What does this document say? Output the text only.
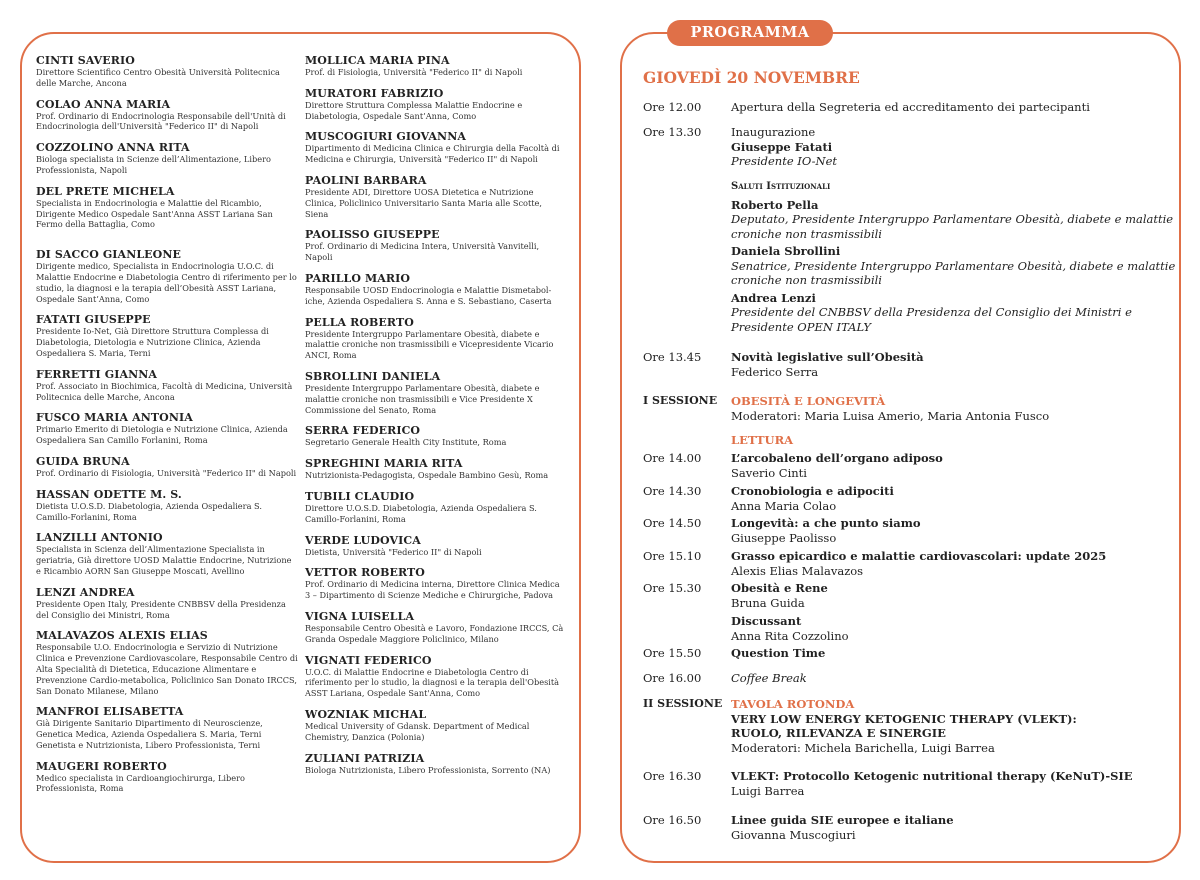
CINTI SAVERIO
Direttore Scientifico Centro Obesità Università Politecnica delle Marche, Ancona
COLAO ANNA MARIA
Prof. Ordinario di Endocrinologia Responsabile dell'Unità di Endocrinologia dell'Università "Federico II" di Napoli
COZZOLINO ANNA RITA
Biologa specialista in Scienze dell’Alimentazione, Libero Professionista, Napoli
DEL PRETE MICHELA
Specialista in Endocrinologia e Malattie del Ricambio, Dirigente Medico Ospedale Sant'Anna ASST Lariana San Fermo della Battaglia, Como
DI SACCO GIANLEONE
Dirigente medico, Specialista in Endocrinologia U.O.C. di Malattie Endocrine e Diabetologia Centro di riferimento per lo studio, la diagnosi e la terapia dell’Obesità ASST Lariana, Ospedale Sant’Anna, Como
FATATI GIUSEPPE
Presidente Io-Net, Già Direttore Struttura Complessa di Diabetologia, Dietologia e Nutrizione Clinica, Azienda Ospedaliera S. Maria, Terni
FERRETTI GIANNA
Prof. Associato in Biochimica, Facoltà di Medicina, Università Politecnica delle Marche, Ancona
FUSCO MARIA ANTONIA
Primario Emerito di Dietologia e Nutrizione Clinica, Azienda Ospedaliera San Camillo Forlanini, Roma
GUIDA BRUNA
Prof. Ordinario di Fisiologia, Università "Federico II" di Napoli
HASSAN ODETTE M. S.
Dietista U.O.S.D. Diabetologia, Azienda Ospedaliera S. Camillo-Forlanini, Roma
LANZILLI ANTONIO
Specialista in Scienza dell’Alimentazione Specialista in geriatria, Già direttore UOSD Malattie Endocrine, Nutrizione e Ricambio AORN San Giuseppe Moscati, Avellino
LENZI ANDREA
Presidente Open Italy, Presidente CNBBSV della Presidenza del Consiglio dei Ministri, Roma
MALAVAZOS ALEXIS ELIAS
Responsabile U.O. Endocrinologia e Servizio di Nutrizione Clinica e Prevenzione Cardiovascolare, Responsabile Centro di Alta Specialità di Dietetica, Educazione Alimentare e Prevenzione Cardio-metabolica, Policlinico San Donato IRCCS, San Donato Milanese, Milano
MANFROI ELISABETTA
Già Dirigente Sanitario Dipartimento di Neuroscienze, Genetica Medica, Azienda Ospedaliera S. Maria, Terni Genetista e Nutrizionista, Libero Professionista, Terni
MAUGERI ROBERTO
Medico specialista in Cardioangiochirurga, Libero Professionista, Roma
MOLLICA MARIA PINA
Prof. di Fisiologia, Università "Federico II" di Napoli
MURATORI FABRIZIO
Direttore Struttura Complessa Malattie Endocrine e Diabetologia, Ospedale Sant’Anna, Como
MUSCOGIURI GIOVANNA
Dipartimento di Medicina Clinica e Chirurgia della Facoltà di Medicina e Chirurgia, Università "Federico II" di Napoli
PAOLINI BARBARA
Presidente ADI, Direttore UOSA Dietetica e Nutrizione Clinica, Policlinico Universitario Santa Maria alle Scotte, Siena
PAOLISSO GIUSEPPE
Prof. Ordinario di Medicina Intera, Università Vanvitelli, Napoli
PARILLO MARIO
Responsabile UOSD Endocrinologia e Malattie Dismetabol-iche, Azienda Ospedaliera S. Anna e S. Sebastiano, Caserta
PELLA ROBERTO
Presidente Intergruppo Parlamentare Obesità, diabete e malattie croniche non trasmissibili e Vicepresidente Vicario ANCI, Roma
SBROLLINI DANIELA
Presidente Intergruppo Parlamentare Obesità, diabete e malattie croniche non trasmissibili e Vice Presidente X Commissione del Senato, Roma
SERRA FEDERICO
Segretario Generale Health City Institute, Roma
SPREGHINI MARIA RITA
Nutrizionista-Pedagogista, Ospedale Bambino Gesù, Roma
TUBILI CLAUDIO
Direttore U.O.S.D. Diabetologia, Azienda Ospedaliera S. Camillo-Forlanini, Roma
VERDE LUDOVICA
Dietista, Università "Federico II" di Napoli
VETTOR ROBERTO
Prof. Ordinario di Medicina interna, Direttore Clinica Medica 3 – Dipartimento di Scienze Mediche e Chirurgiche, Padova
VIGNA LUISELLA
Responsabile Centro Obesità e Lavoro, Fondazione IRCCS, Cà Granda Ospedale Maggiore Policlinico, Milano
VIGNATI FEDERICO
U.O.C. di Malattie Endocrine e Diabetologia Centro di riferimento per lo studio, la diagnosi e la terapia dell'Obesità ASST Lariana, Ospedale Sant'Anna, Como
WOZNIAK MICHAL
Medical University of Gdansk. Department of Medical Chemistry, Danzica (Polonia)
ZULIANI PATRIZIA
Biologa Nutrizionista, Libero Professionista, Sorrento (NA)
PROGRAMMA
GIOVEDÌ 20 NOVEMBRE
Ore 12.00	Apertura della Segreteria ed accreditamento dei partecipanti
Ore 13.30	Inaugurazione
Giuseppe Fatati
Presidente IO-Net
Saluti Istituzionali
Roberto Pella
Deputato, Presidente Intergruppo Parlamentare Obesità, diabete e malattie croniche non trasmissibili
Daniela Sbrollini
Senatrice, Presidente Intergruppo Parlamentare Obesità, diabete e malattie croniche non trasmissibili
Andrea Lenzi
Presidente del CNBBSV della Presidenza del Consiglio dei Ministri e Presidente OPEN ITALY
Ore 13.45	Novità legislative sull’Obesità
Federico Serra
I SESSIONE	OBESITÀ E LONGEVITÀ
Moderatori: Maria Luisa Amerio, Maria Antonia Fusco
LETTURA
Ore 14.00	L’arcobaleno dell’organo adiposo
Saverio Cinti
Ore 14.30	Cronobiologia e adipociti
Anna Maria Colao
Ore 14.50	Longevità: a che punto siamo
Giuseppe Paolisso
Ore 15.10	Grasso epicardico e malattie cardiovascolari: update 2025
Alexis Elias Malavazos
Ore 15.30	Obesità e Rene
Bruna Guida
Discussant
Anna Rita Cozzolino
Ore 15.50	Question Time
Ore 16.00	Coffee Break
II SESSIONE TAVOLA ROTONDA
VERY LOW ENERGY KETOGENIC THERAPY (VLEKT):
RUOLO, RILEVANZA E SINERGIE
Moderatori: Michela Barichella, Luigi Barrea
Ore 16.30	VLEKT: Protocollo Ketogenic nutritional therapy (KeNuT)-SIE
Luigi Barrea
Ore 16.50	Linee guida SIE europee e italiane
Giovanna Muscogiuri
